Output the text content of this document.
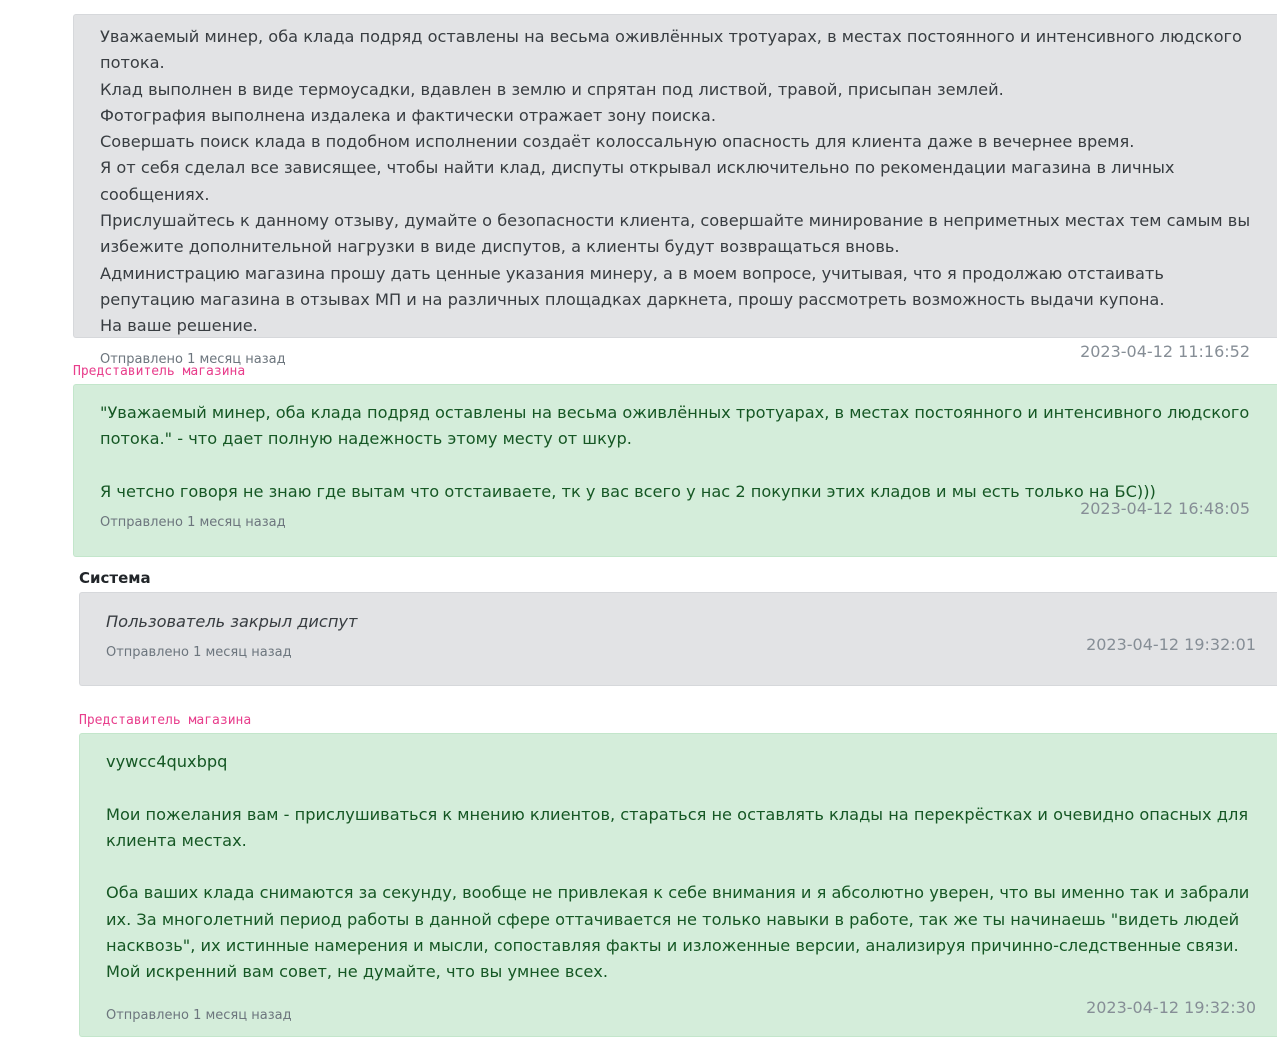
Уважаемый минер, оба клада подряд оставлены на весьма оживлённых тротуарах, в местах постоянного и интенсивного людского потока.
Клад выполнен в виде термоусадки, вдавлен в землю и спрятан под листвой, травой, присыпан землей.
Фотография выполнена издалека и фактически отражает зону поиска.
Совершать поиск клада в подобном исполнении создаёт колоссальную опасность для клиента даже в вечернее время.
Я от себя сделал все зависящее, чтобы найти клад, диспуты открывал исключительно по рекомендации магазина в личных сообщениях.
Прислушайтесь к данному отзыву, думайте о безопасности клиента, совершайте минирование в неприметных местах тем самым вы избежите дополнительной нагрузки в виде диспутов, а клиенты будут возвращаться вновь.
Администрацию магазина прошу дать ценные указания минеру, а в моем вопросе, учитывая, что я продолжаю отстаивать репутацию магазина в отзывах МП и на различных площадках даркнета, прошу рассмотреть возможность выдачи купона.
На ваше решение.
Отправлено 1 месяц назад	2023-04-12 11:16:52
Представитель магазина
"Уважаемый минер, оба клада подряд оставлены на весьма оживлённых тротуарах, в местах постоянного и интенсивного людского потока." - что дает полную надежность этому месту от шкур.

Я четсно говоря не знаю где вытам что отстаиваете, тк у вас всего у нас 2 покупки этих кладов и мы есть только на БС)))
Отправлено 1 месяц назад
2023-04-12 16:48:05
Система
Пользователь закрыл диспут
Отправлено 1 месяц назад	2023-04-12 19:32:01
Представитель магазина
vywcc4quxbpq

Мои пожелания вам - прислушиваться к мнению клиентов, стараться не оставлять клады на перекрёстках и очевидно опасных для клиента местах.

Оба ваших клада снимаются за секунду, вообще не привлекая к себе внимания и я абсолютно уверен, что вы именно так и забрали их. За многолетний период работы в данной сфере оттачивается не только навыки в работе, так же ты начинаешь "видеть людей насквозь", их истинные намерения и мысли, сопоставляя факты и изложенные версии, анализируя причинно-следственные связи. Мой искренний вам совет, не думайте, что вы умнее всех.
Отправлено 1 месяц назад	2023-04-12 19:32:30
